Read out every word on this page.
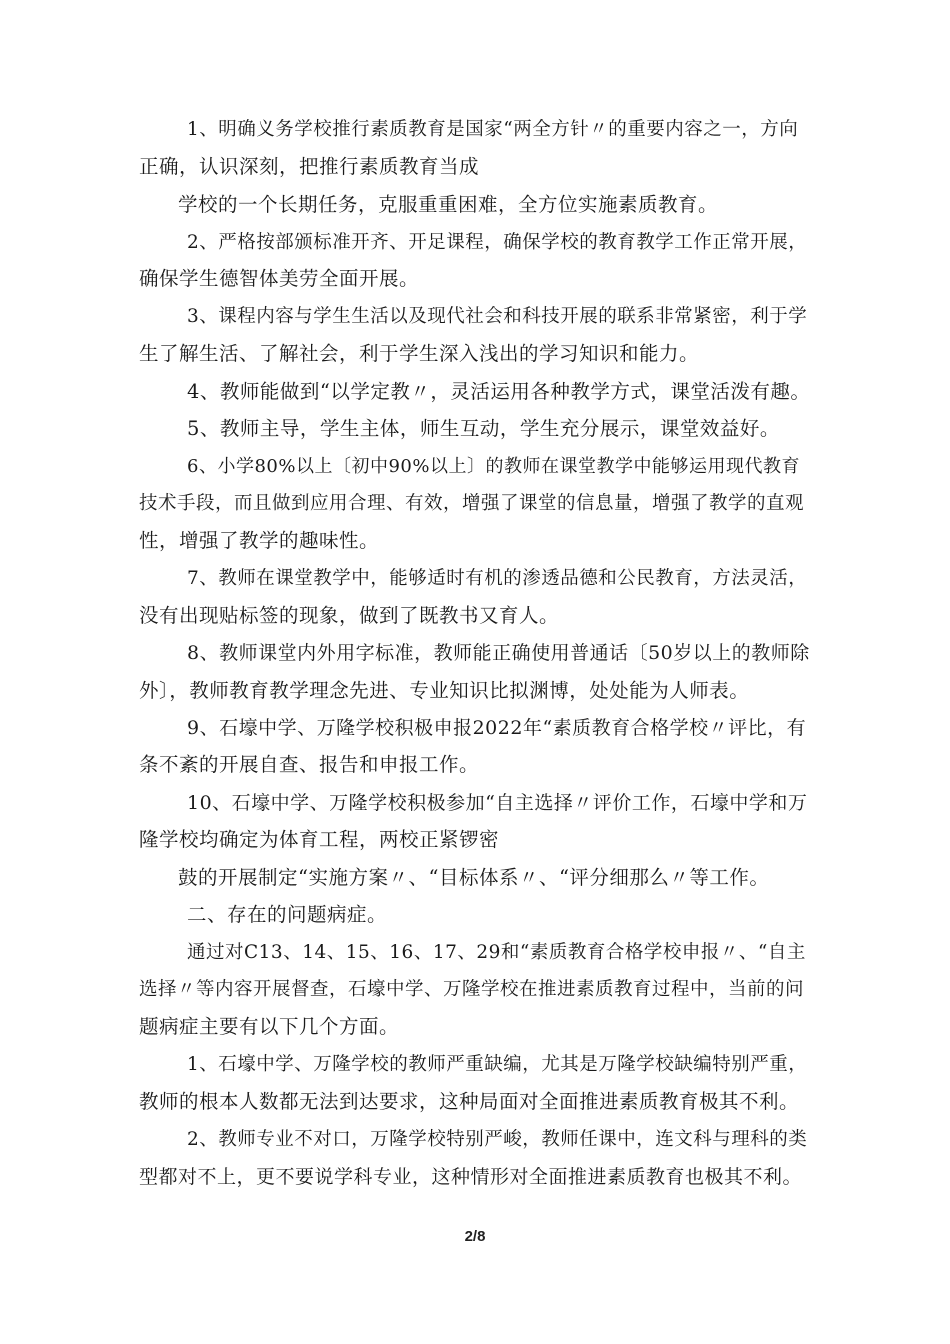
1、明确义务学校推行素质教育是国家“两全方针〃的重要内容之一，方向
正确，认识深刻，把推行素质教育当成
学校的一个长期任务，克服重重困难，全方位实施素质教育。
2、严格按部颁标准开齐、开足课程，确保学校的教育教学工作正常开展，
确保学生德智体美劳全面开展。
3、课程内容与学生生活以及现代社会和科技开展的联系非常紧密，利于学
生了解生活、了解社会，利于学生深入浅出的学习知识和能力。
4、教师能做到“以学定教〃，灵活运用各种教学方式，课堂活泼有趣。
5、教师主导，学生主体，师生互动，学生充分展示，课堂效益好。
6、小学80%以上〔初中90%以上〕的教师在课堂教学中能够运用现代教育
技术手段，而且做到应用合理、有效，增强了课堂的信息量，增强了教学的直观
性，增强了教学的趣味性。
7、教师在课堂教学中，能够适时有机的渗透品德和公民教育，方法灵活，
没有出现贴标签的现象，做到了既教书又育人。
8、教师课堂内外用字标准，教师能正确使用普通话〔50岁以上的教师除
外〕，教师教育教学理念先进、专业知识比拟渊博，处处能为人师表。
9、石壕中学、万隆学校积极申报2022年“素质教育合格学校〃评比，有
条不紊的开展自查、报告和申报工作。
10、石壕中学、万隆学校积极参加“自主选择〃评价工作，石壕中学和万
隆学校均确定为体育工程，两校正紧锣密
鼓的开展制定“实施方案〃、“目标体系〃、“评分细那么〃等工作。
二、存在的问题病症。
通过对C13、14、15、16、17、29和“素质教育合格学校申报〃、“自主
选择〃等内容开展督查，石壕中学、万隆学校在推进素质教育过程中，当前的问
题病症主要有以下几个方面。
1、石壕中学、万隆学校的教师严重缺编，尤其是万隆学校缺编特别严重，
教师的根本人数都无法到达要求，这种局面对全面推进素质教育极其不利。
2、教师专业不对口，万隆学校特别严峻，教师任课中，连文科与理科的类
型都对不上，更不要说学科专业，这种情形对全面推进素质教育也极其不利。
2/8
